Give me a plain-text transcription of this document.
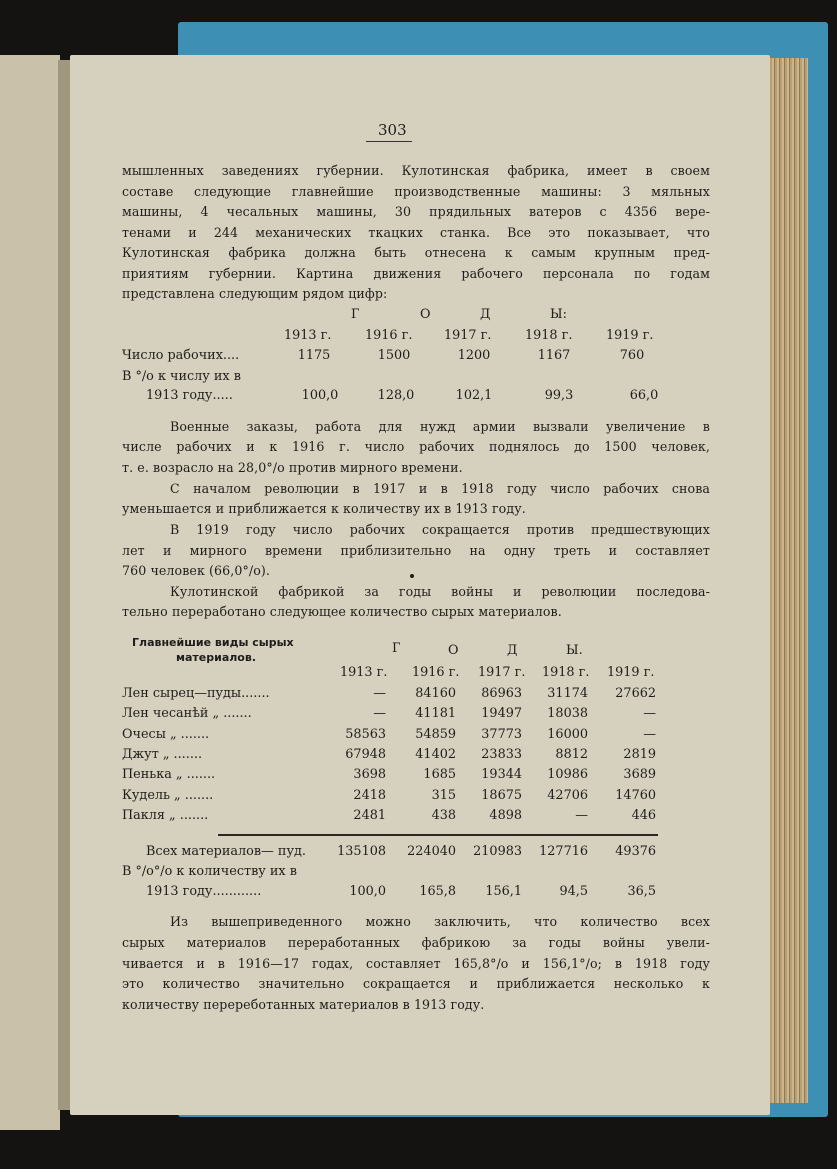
303
мышленных заведениях губернии. Кулотинская фабрика, имеет в своем
составе следующие главнейшие производственные машины: 3 мяльных
машины, 4 чесальных машины, 30 прядильных ватеров с 4356 вере-
тенами и 244 механических ткацких станка. Все это показывает, что
Кулотинская фабрика должна быть отнесена к самым крупным пред-
приятиям губернии. Картина движения рабочего персонала по годам
представлена следующим рядом цифр:
Г	О	Д	Ы:
1913 г.	1916 г. 1917 г.	1918 г.	1919 г.
Число рабочих....	1175	1500	1200	1167	760
В °/о к числу их в
1913 году.....	100,0	128,0	102,1	99,3	66,0
Военные заказы, работа для нужд армии вызвали увеличение в
числе рабочих и к 1916 г. число рабочих поднялось до 1500 человек,
т. е. возрасло на 28,0°/о против мирного времени.
С началом революции в 1917 и в 1918 году число рабочих снова
уменьшается и приближается к количеству их в 1913 году.
В 1919 году число рабочих сокращается против предшествующих
лет и мирного времени приблизительно на одну треть и составляет
760 человек (66,0°/о).
Кулотинской фабрикой за годы войны и революции последова-
тельно переработано следующее количество сырых материалов.
Главнейшие виды сырых
материалов.
Г	О	Д	Ы.
1913 г. 1916 г. 1917 г. 1918 г. 1919 г.
Лен сырец—пуды.......	—	84160	86963	31174	27662
Лен чесанѣй „ .......	—	41181	19497	18038	—
Очесы „ .......	58563	54859	37773	16000	—
Джут „ .......	67948	41402	23833	8812	2819
Пенька „ .......	3698	1685	19344	10986	3689
Кудель „ .......	2418	315	18675	42706	14760
Пакля „ .......	2481	438	4898	—	446
Всех материалов— пуд.	135108	224040	210983	127716	49376
В °/о°/о к количеству их в
1913 году............	100,0	165,8	156,1	94,5	36,5
Из вышеприведенного можно заключить, что количество всех
сырых материалов переработанных фабрикою за годы войны увели-
чивается и в 1916—17 годах, составляет 165,8°/о и 156,1°/о; в 1918 году
это количество значительно сокращается и приближается несколько к
количеству перереботанных материалов в 1913 году.
